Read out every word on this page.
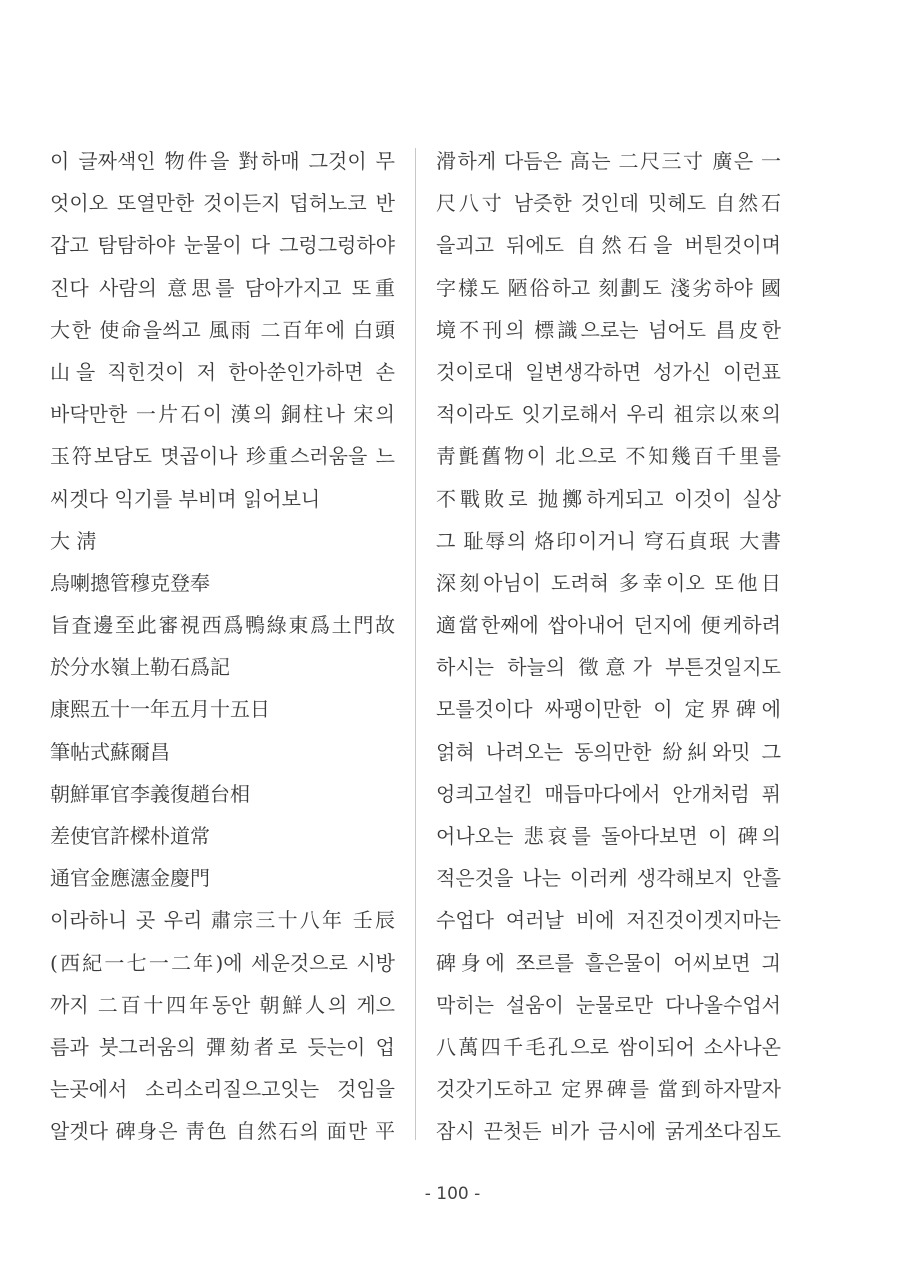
이 글짜색인 物件을 對하매 그것이 무
엇이오 또열만한 것이든지 덥허노코 반
갑고 탐탐하야 눈물이 다 그렁그렁하야
진다 사람의 意思를 담아가지고 또重
大한 使命을씌고 風雨 二百年에 白頭
山을 직힌것이 저 한아쑨인가하면 손
바닥만한 一片石이 漢의 銅柱나 宋의
玉符보담도 몃곱이나 珍重스러움을 느
씨겟다 익기를 부비며 읽어보니
大 淸
烏喇摠管穆克登奉
旨査邊至此審視西爲鴨綠東爲土門故
於分水嶺上勒石爲記
康熙五十一年五月十五日
筆帖式蘇爾昌
朝鮮軍官李義復趙台相
差使官許樑朴道常
通官金應瀗金慶門
이라하니 곳 우리 肅宗三十八年 壬辰
(西紀一七一二年)에 세운것으로 시방
까지 二百十四年동안 朝鮮人의 게으
름과 붓그러움의 彈劾者로 듯는이 업
는곳에서 소리소리질으고잇는 것임을
알겟다 碑身은 靑色 自然石의 面만 平
滑하게 다듬은 高는 二尺三寸 廣은 一
尺八寸 남즛한 것인데 밋헤도 自然石
을괴고 뒤에도 自然石을 버틘것이며
字樣도 陋俗하고 刻劃도 淺劣하야 國
境不刊의 標識으로는 넘어도 昌皮한
것이로대 일변생각하면 성가신 이런표
적이라도 잇기로해서 우리 祖宗以來의
靑氈舊物이 北으로 不知幾百千里를
不戰敗로 抛擲하게되고 이것이 실상
그 耻辱의 烙印이거니 穹石貞珉 大書
深刻아님이 도려혀 多幸이오 또他日
適當한째에 쌉아내어 던지에 便케하려
하시는 하늘의 徵意가 부튼것일지도
모를것이다 싸팽이만한 이 定界碑에
얽혀 나려오는 동의만한 紛糾와밋 그
엉킈고설킨 매듭마다에서 안개처럼 퓌
어나오는 悲哀를 돌아다보면 이 碑의
적은것을 나는 이러케 생각해보지 안흘
수업다 여러날 비에 저진것이겟지마는
碑身에 쪼르를 흘은물이 어씨보면 긔
막히는 설움이 눈물로만 다나올수업서
八萬四千毛孔으로 쌈이되어 소사나온
것갓기도하고 定界碑를 當到하자말자
잠시 끈첫든 비가 금시에 굵게쏘다짐도
- 100 -
